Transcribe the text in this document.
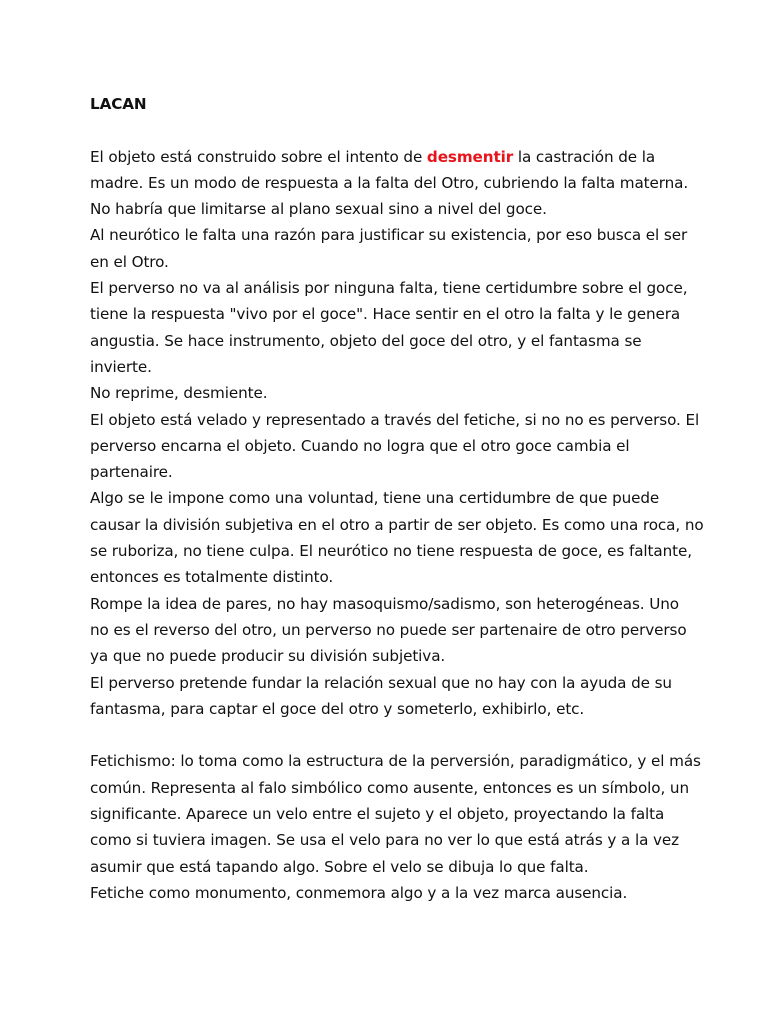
LACAN
El objeto está construido sobre el intento de desmentir la castración de la
madre. Es un modo de respuesta a la falta del Otro, cubriendo la falta materna.
No habría que limitarse al plano sexual sino a nivel del goce.
Al neurótico le falta una razón para justificar su existencia, por eso busca el ser
en el Otro.
El perverso no va al análisis por ninguna falta, tiene certidumbre sobre el goce,
tiene la respuesta "vivo por el goce". Hace sentir en el otro la falta y le genera
angustia. Se hace instrumento, objeto del goce del otro, y el fantasma se
invierte.
No reprime, desmiente.
El objeto está velado y representado a través del fetiche, si no no es perverso. El
perverso encarna el objeto. Cuando no logra que el otro goce cambia el
partenaire.
Algo se le impone como una voluntad, tiene una certidumbre de que puede
causar la división subjetiva en el otro a partir de ser objeto. Es como una roca, no
se ruboriza, no tiene culpa. El neurótico no tiene respuesta de goce, es faltante,
entonces es totalmente distinto.
Rompe la idea de pares, no hay masoquismo/sadismo, son heterogéneas. Uno
no es el reverso del otro, un perverso no puede ser partenaire de otro perverso
ya que no puede producir su división subjetiva.
El perverso pretende fundar la relación sexual que no hay con la ayuda de su
fantasma, para captar el goce del otro y someterlo, exhibirlo, etc.
Fetichismo: lo toma como la estructura de la perversión, paradigmático, y el más
común. Representa al falo simbólico como ausente, entonces es un símbolo, un
significante. Aparece un velo entre el sujeto y el objeto, proyectando la falta
como si tuviera imagen. Se usa el velo para no ver lo que está atrás y a la vez
asumir que está tapando algo. Sobre el velo se dibuja lo que falta.
Fetiche como monumento, conmemora algo y a la vez marca ausencia.
